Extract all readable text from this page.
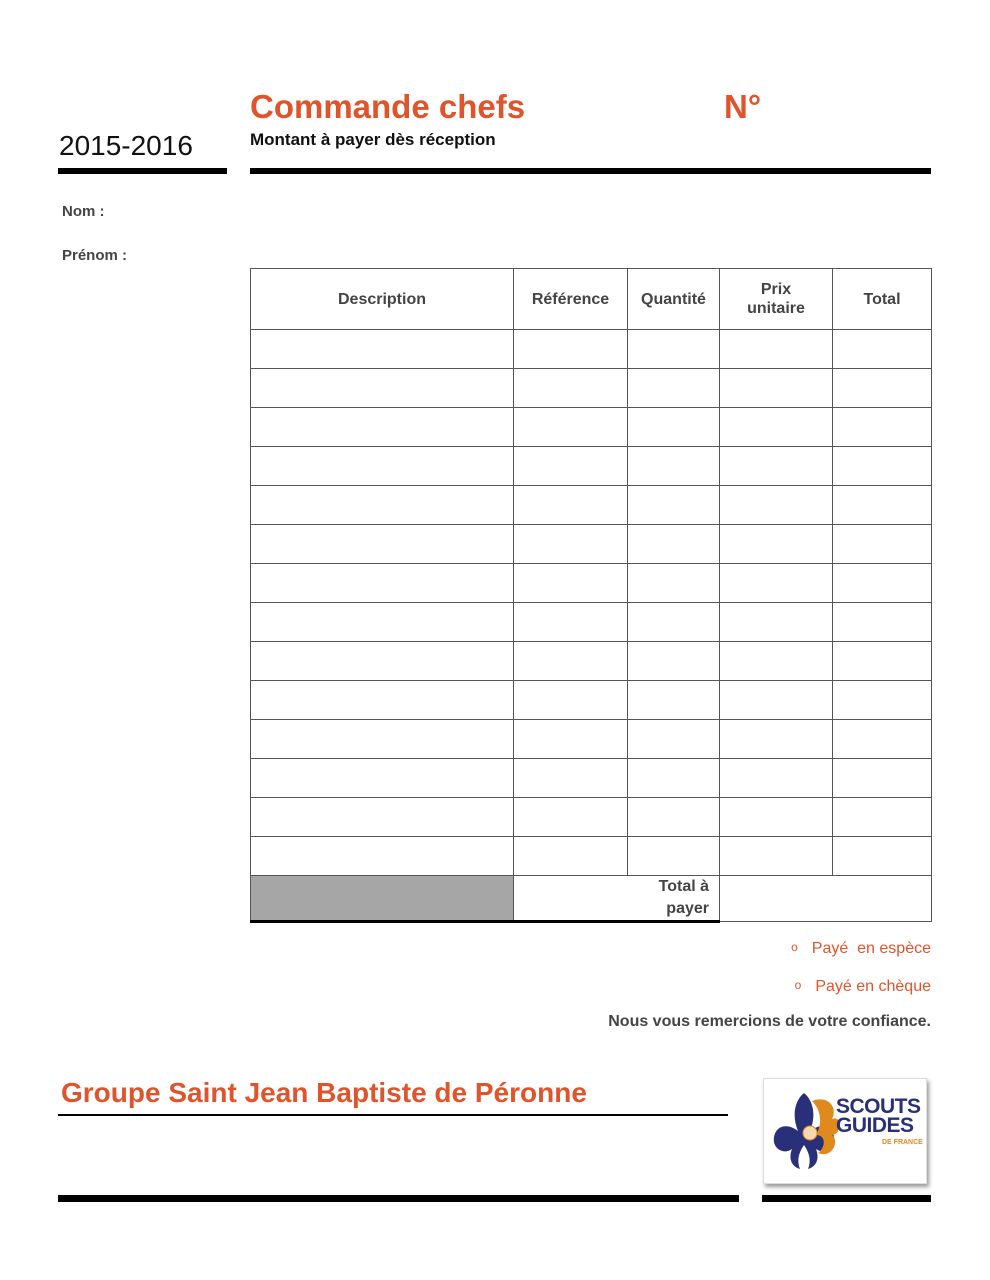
2015-2016
Commande chefs	N°
Montant à payer dès réception
Nom :
Prénom :
Description	Référence	Quantité	Prix unitaire	Total

	Total à payer			
o Payé  en espèce
o Payé en chèque
Nous vous remercions de votre confiance.
Groupe Saint Jean Baptiste de Péronne	SCOUTS
GUIDES
DE FRANCE
